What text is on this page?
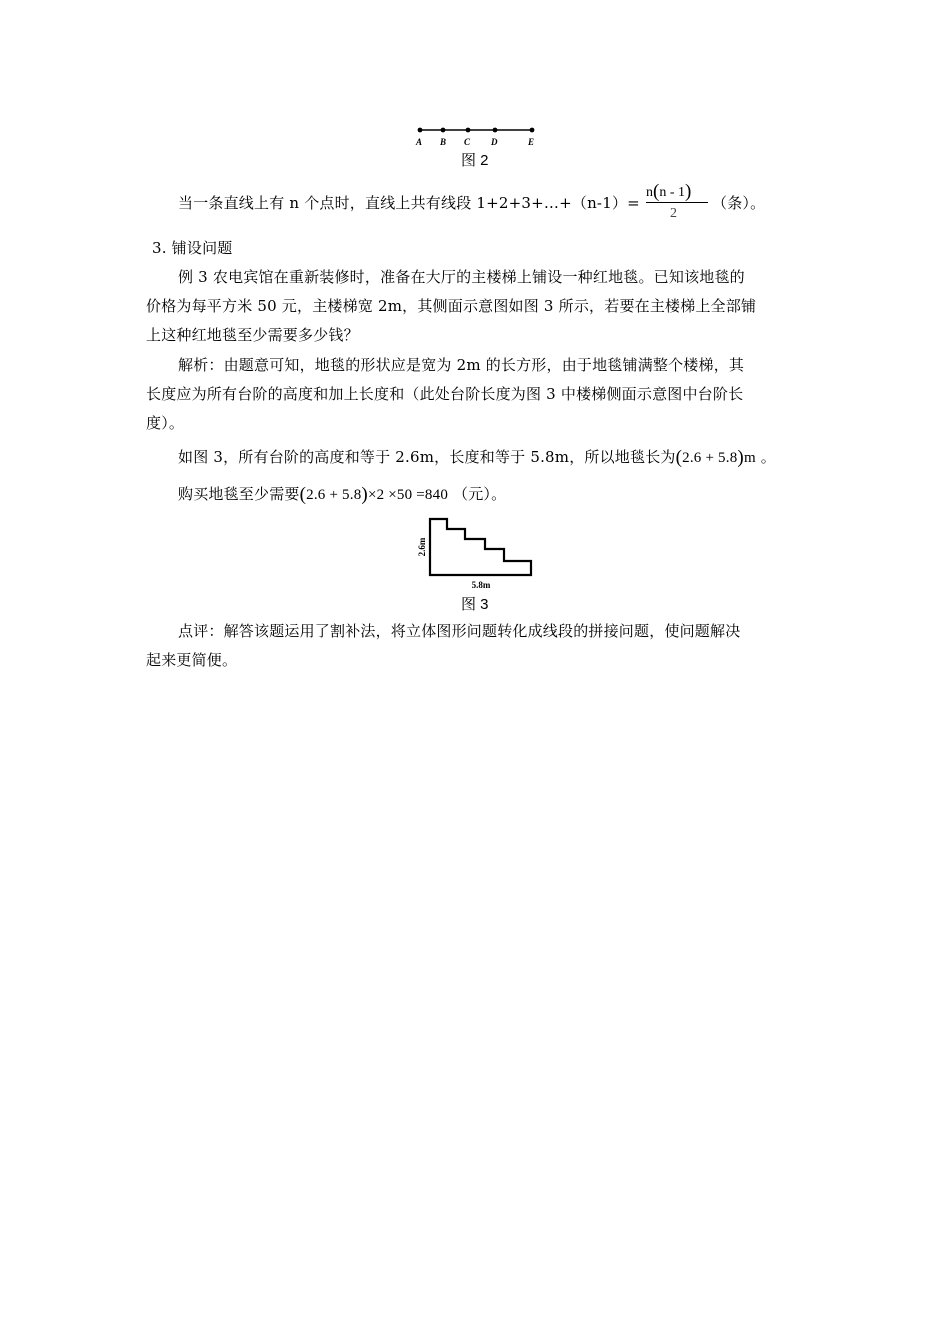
A B C D	E
图 2
当一条直线上有 n 个点时，直线上共有线段 1+2+3+…+（n-1）=
n(n - 1)
2
（条）。
3. 铺设问题
例 3 农电宾馆在重新装修时，准备在大厅的主楼梯上铺设一种红地毯。已知该地毯的
价格为每平方米 50 元，主楼梯宽 2m，其侧面示意图如图 3 所示，若要在主楼梯上全部铺
上这种红地毯至少需要多少钱？
解析：由题意可知，地毯的形状应是宽为 2m 的长方形，由于地毯铺满整个楼梯，其
长度应为所有台阶的高度和加上长度和（此处台阶长度为图 3 中楼梯侧面示意图中台阶长
度）。
如图 3，所有台阶的高度和等于 2.6m，长度和等于 5.8m，所以地毯长为(2.6 + 5.8)m 。
购买地毯至少需要(2.6 + 5.8)×2 ×50 =840 （元）。
2.6m
5.8m
图 3
点评：解答该题运用了割补法，将立体图形问题转化成线段的拼接问题，使问题解决
起来更简便。
